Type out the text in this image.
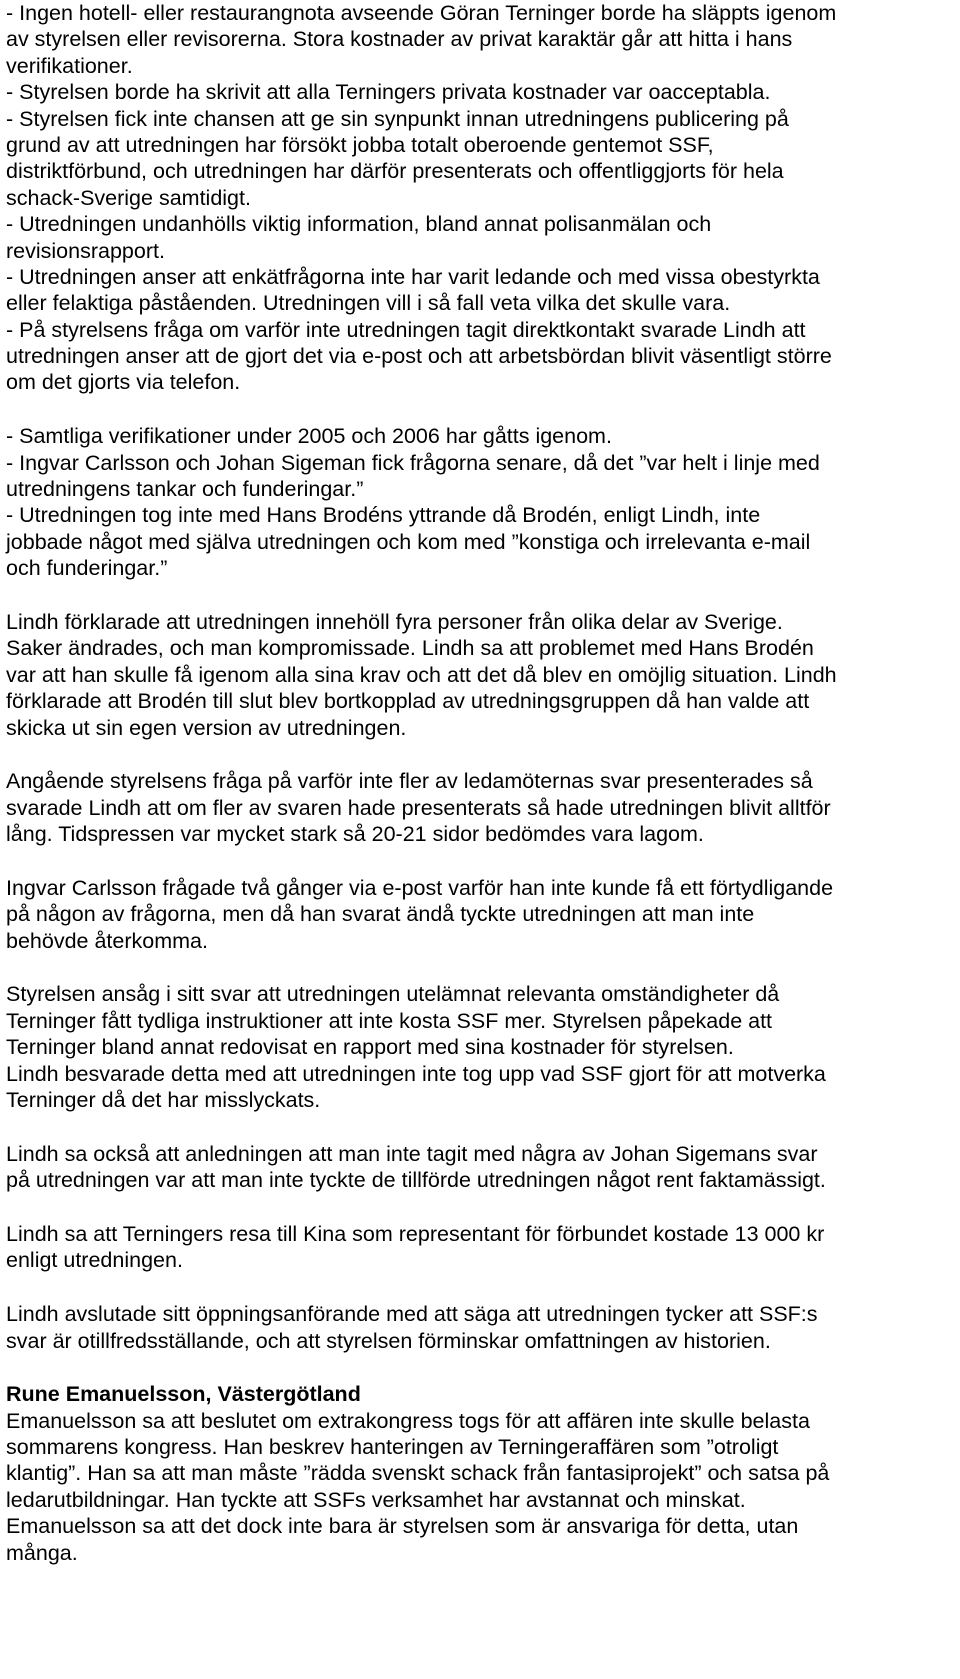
- Ingen hotell- eller restaurangnota avseende Göran Terninger borde ha släppts igenom
av styrelsen eller revisorerna. Stora kostnader av privat karaktär går att hitta i hans
verifikationer.
- Styrelsen borde ha skrivit att alla Terningers privata kostnader var oacceptabla.
- Styrelsen fick inte chansen att ge sin synpunkt innan utredningens publicering på
grund av att utredningen har försökt jobba totalt oberoende gentemot SSF,
distriktförbund, och utredningen har därför presenterats och offentliggjorts för hela
schack-Sverige samtidigt.
- Utredningen undanhölls viktig information, bland annat polisanmälan och
revisionsrapport.
- Utredningen anser att enkätfrågorna inte har varit ledande och med vissa obestyrkta
eller felaktiga påståenden. Utredningen vill i så fall veta vilka det skulle vara.
- På styrelsens fråga om varför inte utredningen tagit direktkontakt svarade Lindh att
utredningen anser att de gjort det via e-post och att arbetsbördan blivit väsentligt större
om det gjorts via telefon.
- Samtliga verifikationer under 2005 och 2006 har gåtts igenom.
- Ingvar Carlsson och Johan Sigeman fick frågorna senare, då det ”var helt i linje med
utredningens tankar och funderingar.”
- Utredningen tog inte med Hans Brodéns yttrande då Brodén, enligt Lindh, inte
jobbade något med själva utredningen och kom med ”konstiga och irrelevanta e-mail
och funderingar.”
Lindh förklarade att utredningen innehöll fyra personer från olika delar av Sverige.
Saker ändrades, och man kompromissade. Lindh sa att problemet med Hans Brodén
var att han skulle få igenom alla sina krav och att det då blev en omöjlig situation. Lindh
förklarade att Brodén till slut blev bortkopplad av utredningsgruppen då han valde att
skicka ut sin egen version av utredningen.
Angående styrelsens fråga på varför inte fler av ledamöternas svar presenterades så
svarade Lindh att om fler av svaren hade presenterats så hade utredningen blivit alltför
lång. Tidspressen var mycket stark så 20-21 sidor bedömdes vara lagom.
Ingvar Carlsson frågade två gånger via e-post varför han inte kunde få ett förtydligande
på någon av frågorna, men då han svarat ändå tyckte utredningen att man inte
behövde återkomma.
Styrelsen ansåg i sitt svar att utredningen utelämnat relevanta omständigheter då
Terninger fått tydliga instruktioner att inte kosta SSF mer. Styrelsen påpekade att
Terninger bland annat redovisat en rapport med sina kostnader för styrelsen.
Lindh besvarade detta med att utredningen inte tog upp vad SSF gjort för att motverka
Terninger då det har misslyckats.
Lindh sa också att anledningen att man inte tagit med några av Johan Sigemans svar
på utredningen var att man inte tyckte de tillförde utredningen något rent faktamässigt.
Lindh sa att Terningers resa till Kina som representant för förbundet kostade 13 000 kr
enligt utredningen.
Lindh avslutade sitt öppningsanförande med att säga att utredningen tycker att SSF:s
svar är otillfredsställande, och att styrelsen förminskar omfattningen av historien.
Rune Emanuelsson, Västergötland
Emanuelsson sa att beslutet om extrakongress togs för att affären inte skulle belasta
sommarens kongress. Han beskrev hanteringen av Terningeraffären som ”otroligt
klantig”. Han sa att man måste ”rädda svenskt schack från fantasiprojekt” och satsa på
ledarutbildningar. Han tyckte att SSFs verksamhet har avstannat och minskat.
Emanuelsson sa att det dock inte bara är styrelsen som är ansvariga för detta, utan
många.
